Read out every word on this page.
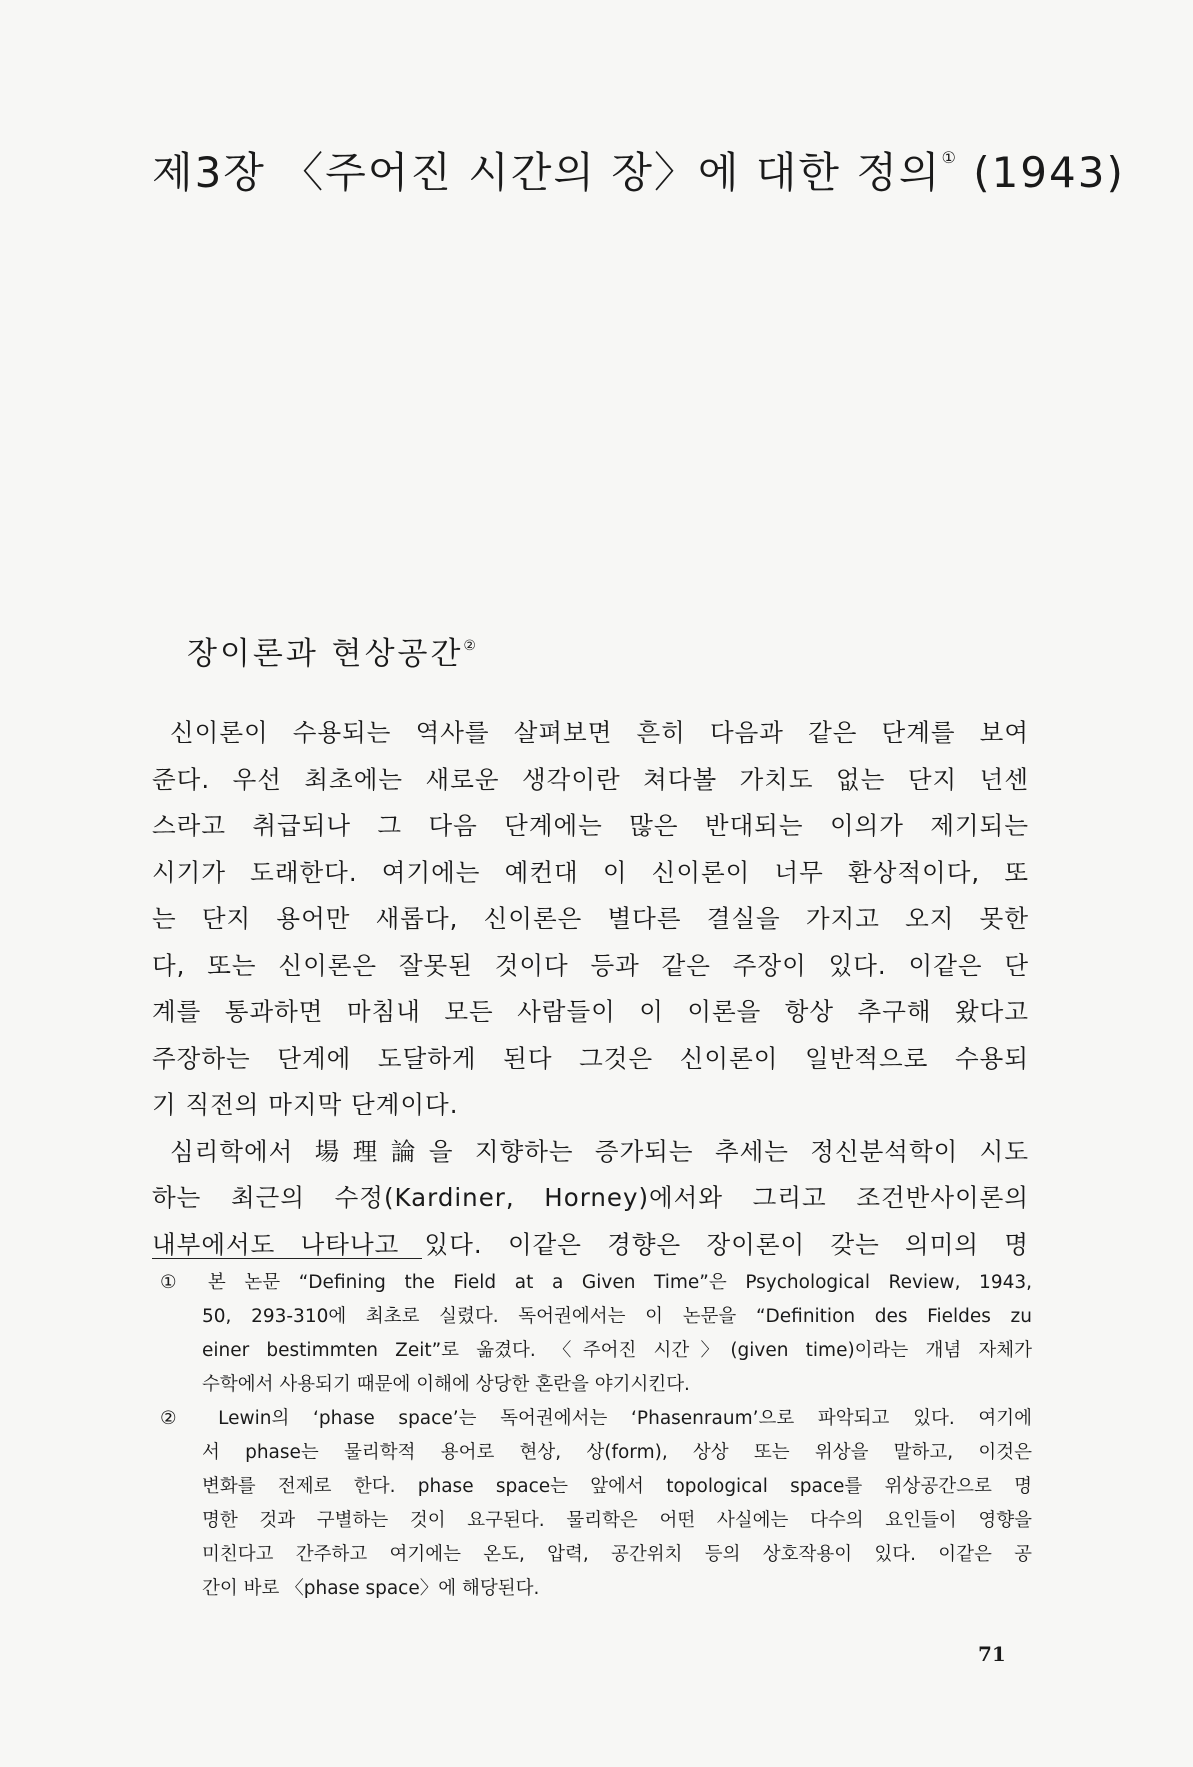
제3장 〈주어진 시간의 장〉에 대한 정의① (1943)
장이론과 현상공간②
신이론이 수용되는 역사를 살펴보면 흔히 다음과 같은 단계를 보여
준다. 우선 최초에는 새로운 생각이란 쳐다볼 가치도 없는 단지 넌센
스라고 취급되나 그 다음 단계에는 많은 반대되는 이의가 제기되는
시기가 도래한다. 여기에는 예컨대 이 신이론이 너무 환상적이다, 또
는 단지 용어만 새롭다, 신이론은 별다른 결실을 가지고 오지 못한
다, 또는 신이론은 잘못된 것이다 등과 같은 주장이 있다. 이같은 단
계를 통과하면 마침내 모든 사람들이 이 이론을 항상 추구해 왔다고
주장하는 단계에 도달하게 된다 그것은 신이론이 일반적으로 수용되
기 직전의 마지막 단계이다.
심리학에서 場理論을 지향하는 증가되는 추세는 정신분석학이 시도
하는 최근의 수정(Kardiner, Horney)에서와 그리고 조건반사이론의
내부에서도 나타나고 있다. 이같은 경향은 장이론이 갖는 의미의 명
① 본 논문 “Defining the Field at a Given Time”은 Psychological Review, 1943,
50, 293-310에 최초로 실렸다. 독어권에서는 이 논문을 “Definition des Fieldes zu
einer bestimmten Zeit”로 옮겼다. 〈주어진 시간〉(given time)이라는 개념 자체가
수학에서 사용되기 때문에 이해에 상당한 혼란을 야기시킨다.
② Lewin의 ‘phase space’는 독어권에서는 ‘Phasenraum’으로 파악되고 있다. 여기에
서 phase는 물리학적 용어로 현상, 상(form), 상상 또는 위상을 말하고, 이것은
변화를 전제로 한다. phase space는 앞에서 topological space를 위상공간으로 명
명한 것과 구별하는 것이 요구된다. 물리학은 어떤 사실에는 다수의 요인들이 영향을
미친다고 간주하고 여기에는 온도, 압력, 공간위치 등의 상호작용이 있다. 이같은 공
간이 바로 〈phase space〉에 해당된다.
71
